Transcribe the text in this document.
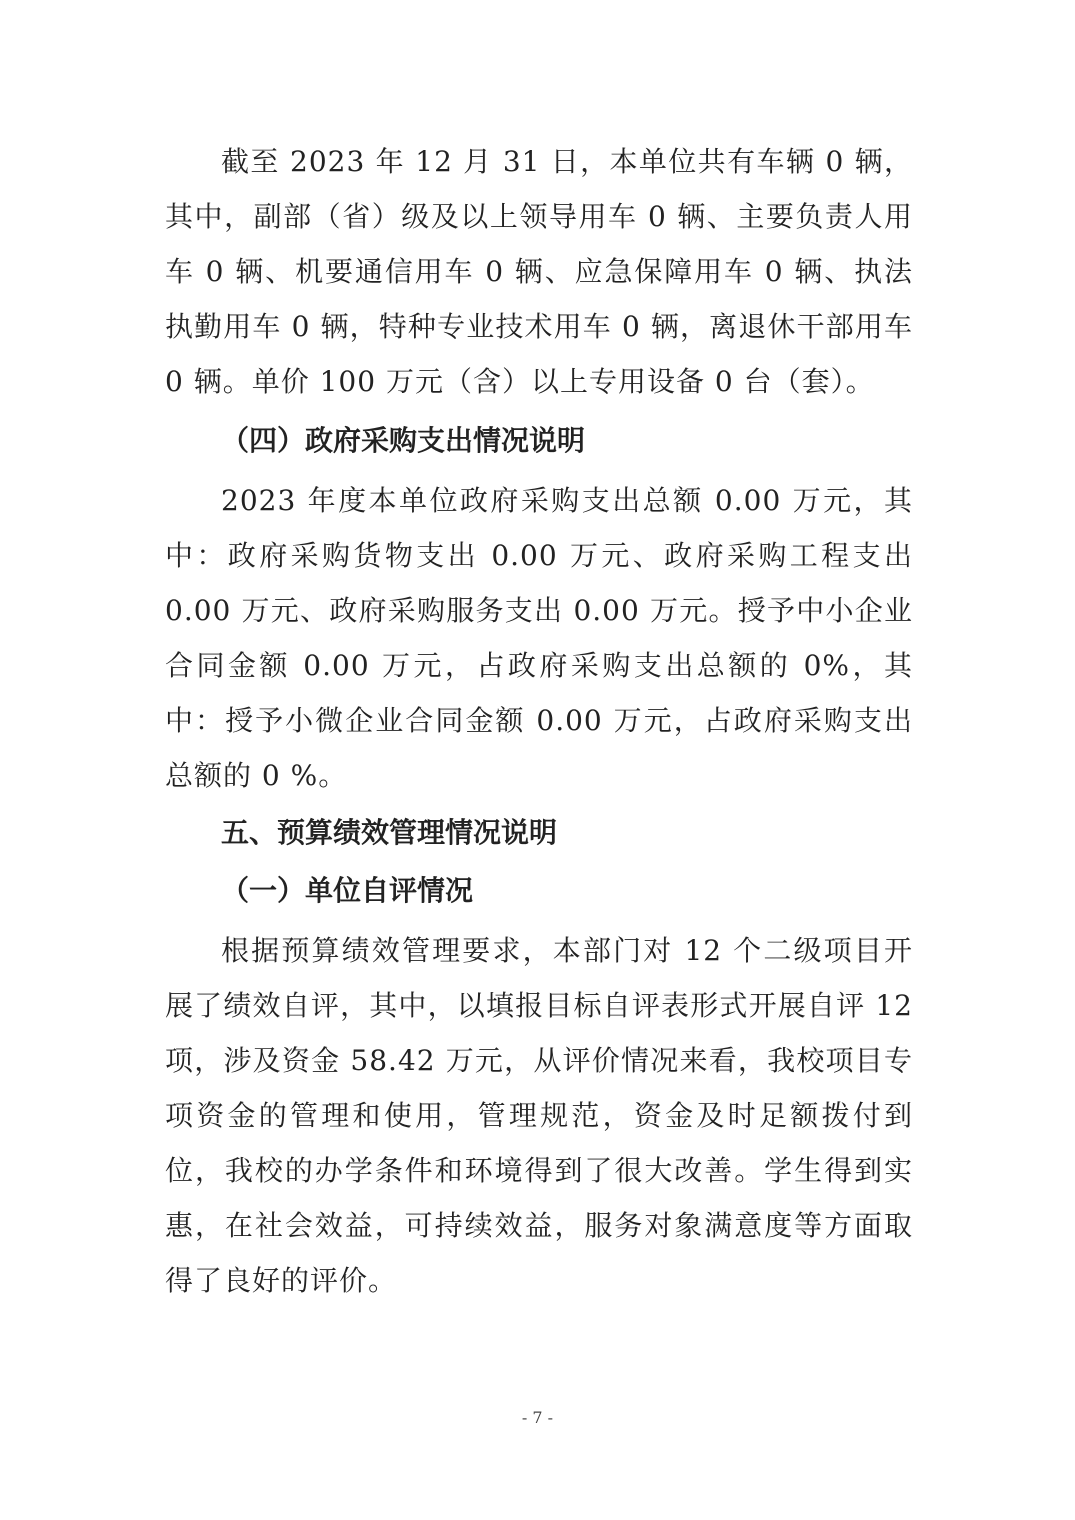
截至 2023 年 12 月 31 日，本单位共有车辆 0 辆，其中，副部（省）级及以上领导用车 0 辆、主要负责人用车 0 辆、机要通信用车 0 辆、应急保障用车 0 辆、执法执勤用车 0 辆，特种专业技术用车 0 辆，离退休干部用车 0 辆。单价 100 万元（含）以上专用设备 0 台（套）。

（四）政府采购支出情况说明

2023 年度本单位政府采购支出总额 0.00 万元，其中：政府采购货物支出 0.00 万元、政府采购工程支出 0.00 万元、政府采购服务支出 0.00 万元。授予中小企业合同金额 0.00 万元，占政府采购支出总额的 0%，其中：授予小微企业合同金额 0.00 万元，占政府采购支出总额的 0 %。

五、预算绩效管理情况说明

（一）单位自评情况

根据预算绩效管理要求，本部门对 12 个二级项目开展了绩效自评，其中，以填报目标自评表形式开展自评 12 项，涉及资金 58.42 万元，从评价情况来看，我校项目专项资金的管理和使用，管理规范，资金及时足额拨付到位，我校的办学条件和环境得到了很大改善。学生得到实惠，在社会效益，可持续效益，服务对象满意度等方面取得了良好的评价。

- 7 -
